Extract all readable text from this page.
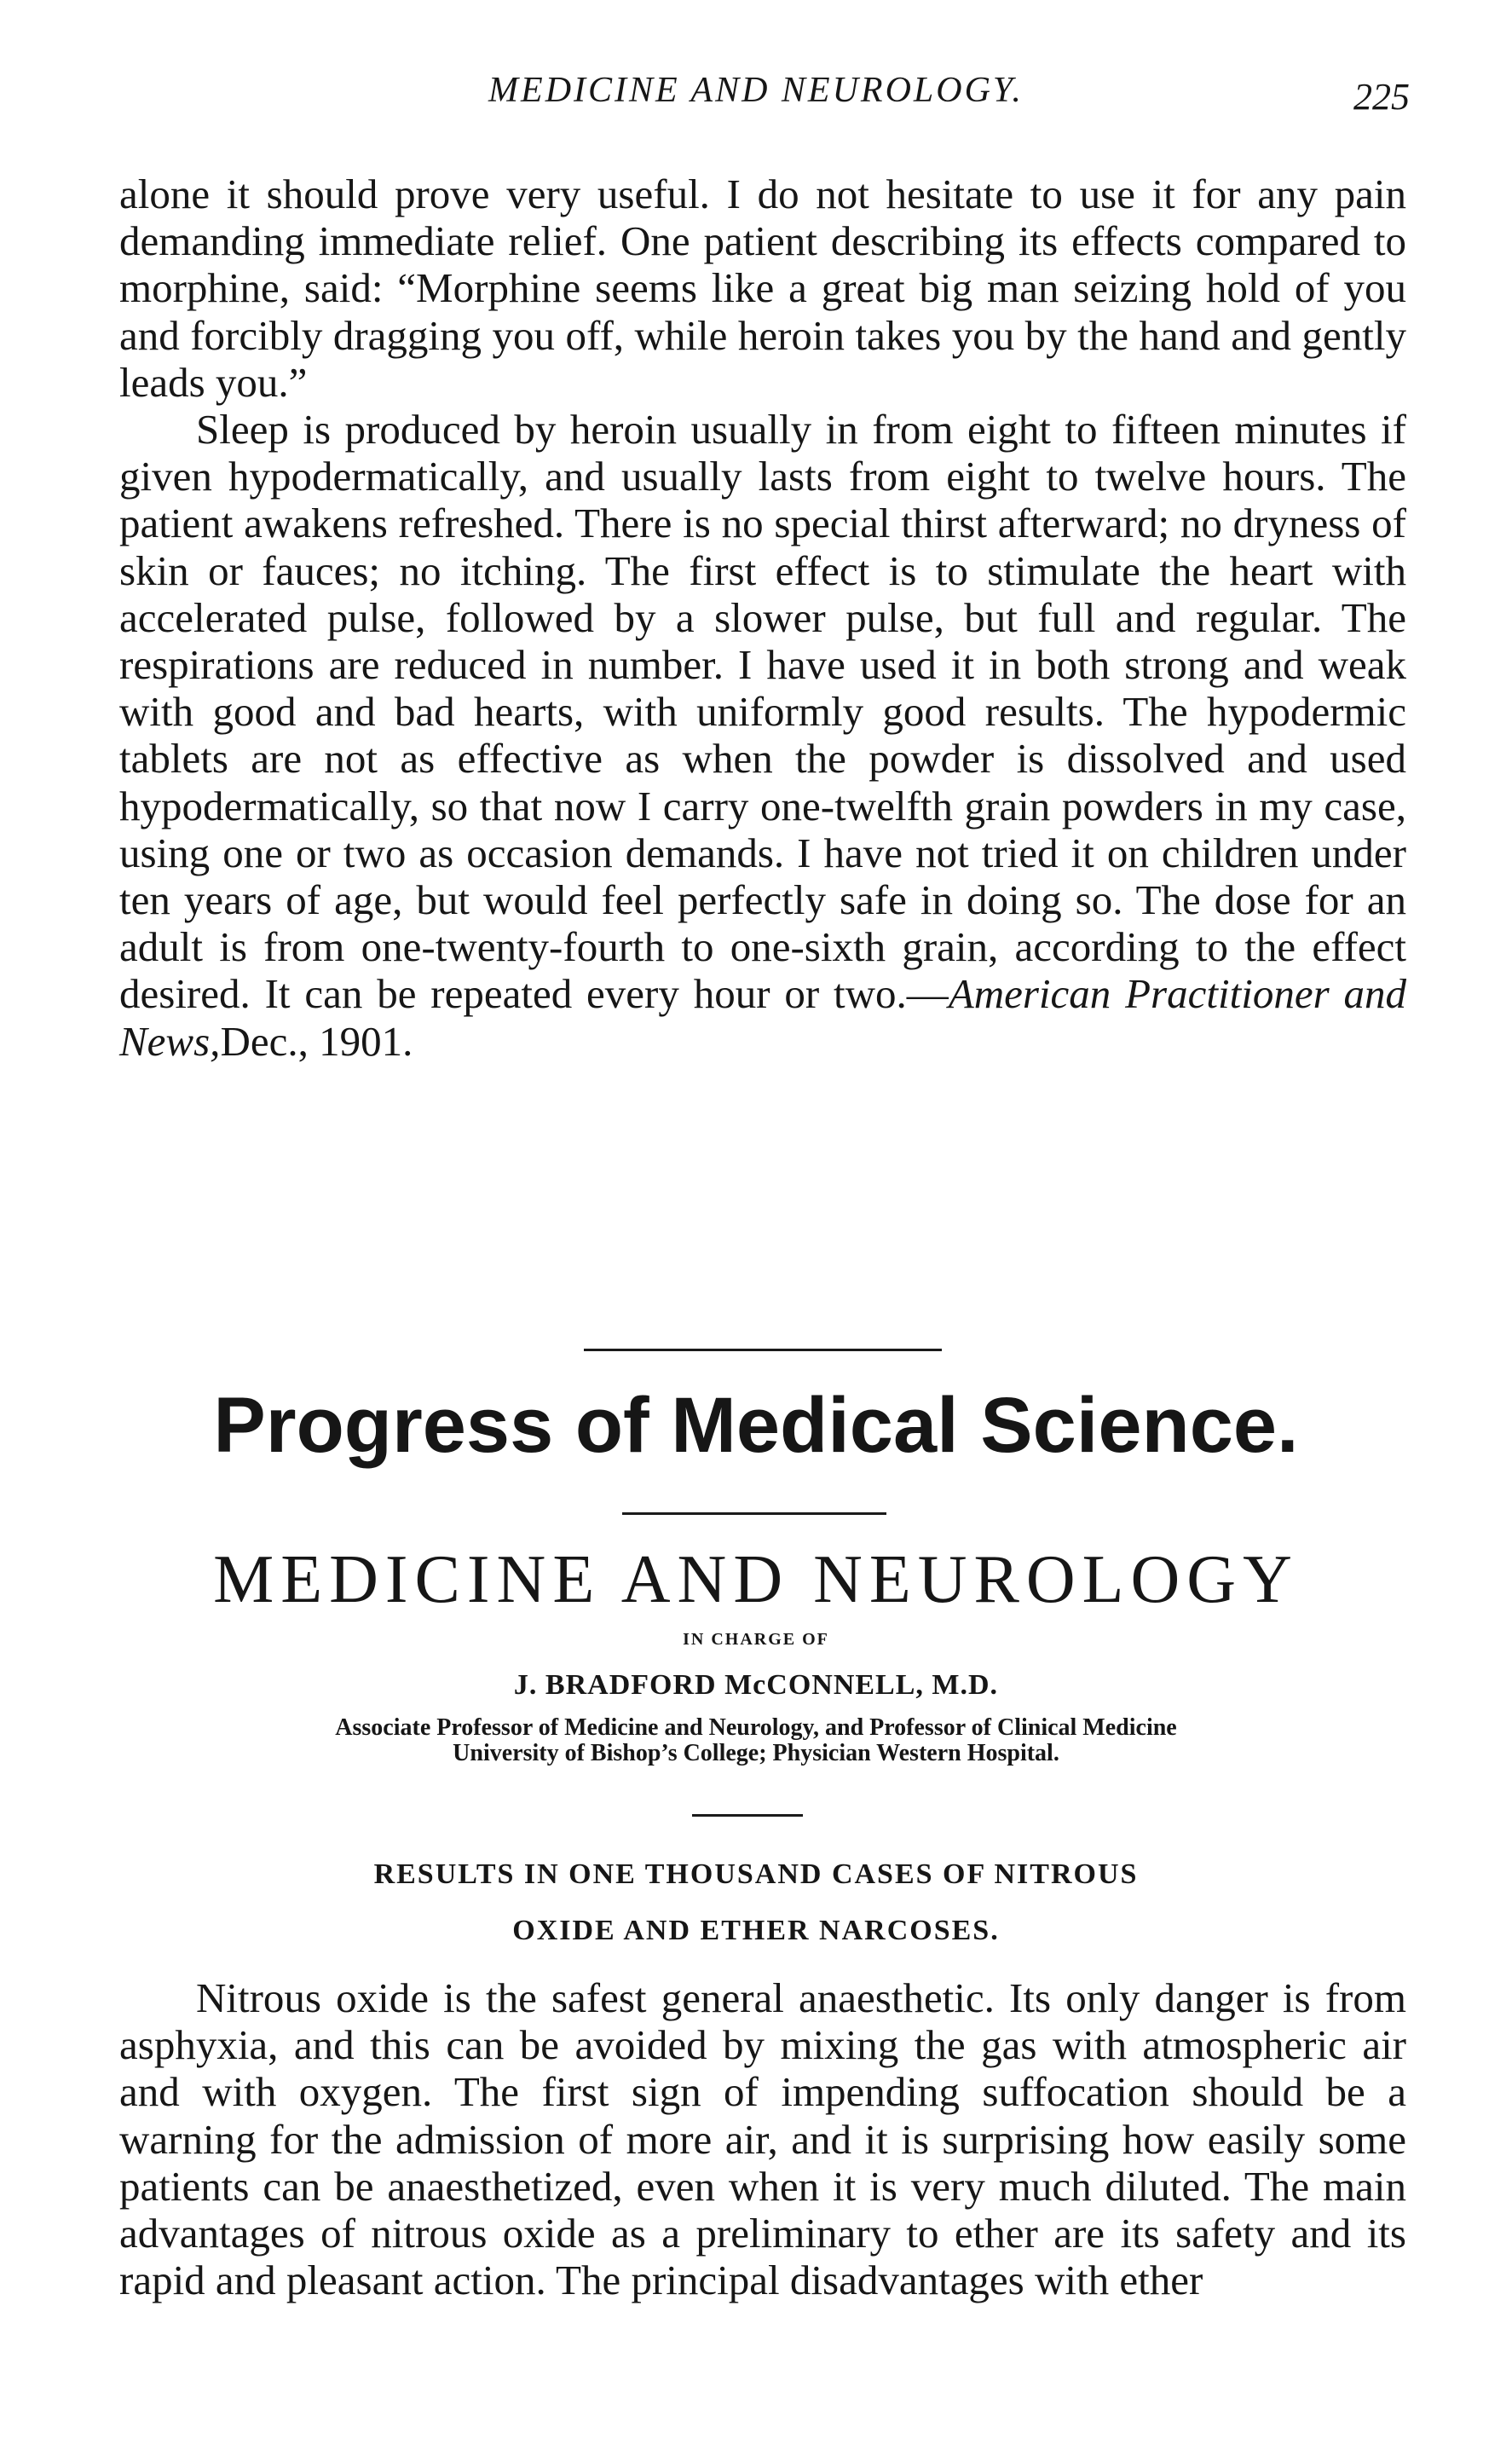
MEDICINE AND NEUROLOGY.	225

alone it should prove very useful. I do not hesitate to use it for any pain demanding immediate relief. One patient describing its effects compared to morphine, said: “Morphine seems like a great big man seizing hold of you and forcibly dragging you off, while heroin takes you by the hand and gently leads you.”

Sleep is produced by heroin usually in from eight to fifteen minutes if given hypodermatically, and usually lasts from eight to twelve hours. The patient awakens refreshed. There is no special thirst afterward; no dryness of skin or fauces; no itching. The first effect is to stimulate the heart with accelerated pulse, followed by a slower pulse, but full and regular. The respirations are reduced in number. I have used it in both strong and weak with good and bad hearts, with uniformly good results. The hypodermic tablets are not as effective as when the powder is dissolved and used hypodermatically, so that now I carry one-twelfth grain powders in my case, using one or two as occasion demands. I have not tried it on children under ten years of age, but would feel perfectly safe in doing so. The dose for an adult is from one-twenty-fourth to one-sixth grain, according to the effect desired. It can be repeated every hour or two.—American Practitioner and News,Dec., 1901.

Progress of Medical Science.
MEDICINE AND NEUROLOGY
IN CHARGE OF
J. BRADFORD McCONNELL, M.D.
Associate Professor of Medicine and Neurology, and Professor of Clinical Medicine
University of Bishop’s College; Physician Western Hospital.
RESULTS IN ONE THOUSAND CASES OF NITROUS
OXIDE AND ETHER NARCOSES.

Nitrous oxide is the safest general anaesthetic. Its only danger is from asphyxia, and this can be avoided by mixing the gas with atmospheric air and with oxygen. The first sign of impending suffocation should be a warning for the admission of more air, and it is surprising how easily some patients can be anaesthetized, even when it is very much diluted. The main advantages of nitrous oxide as a preliminary to ether are its safety and its rapid and pleasant action. The principal disadvantages with ether
